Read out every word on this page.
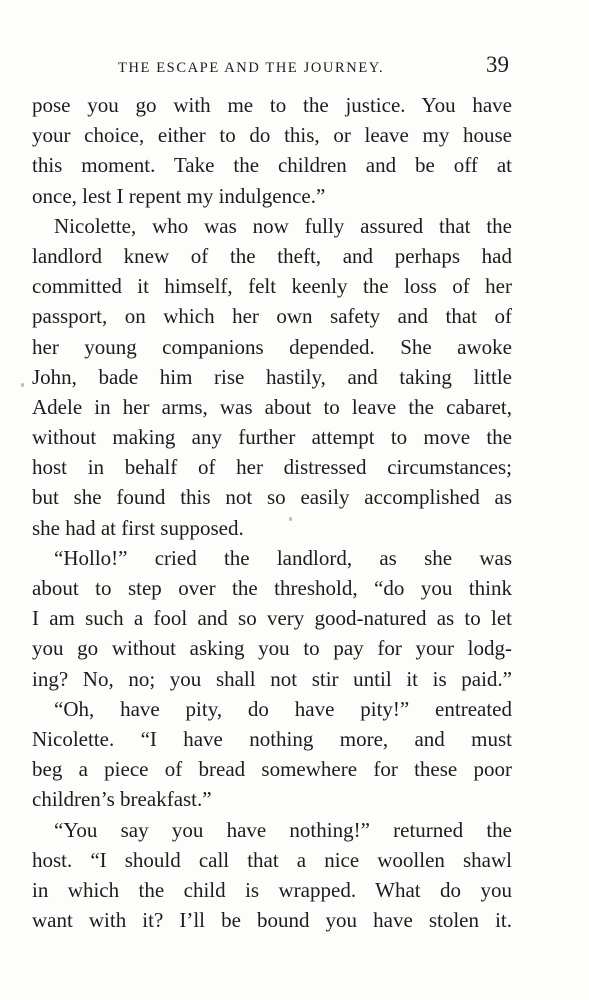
THE ESCAPE AND THE JOURNEY.	39
pose you go with me to the justice. You have
your choice, either to do this, or leave my house
this moment. Take the children and be off at
once, lest I repent my indulgence.”
Nicolette, who was now fully assured that the
landlord knew of the theft, and perhaps had
committed it himself, felt keenly the loss of her
passport, on which her own safety and that of
her young companions depended. She awoke
John, bade him rise hastily, and taking little
Adele in her arms, was about to leave the cabaret,
without making any further attempt to move the
host in behalf of her distressed circumstances;
but she found this not so easily accomplished as
she had at first supposed.
“Hollo!” cried the landlord, as she was
about to step over the threshold, “do you think
I am such a fool and so very good-natured as to let
you go without asking you to pay for your lodg-
ing? No, no; you shall not stir until it is paid.”
“Oh, have pity, do have pity!” entreated
Nicolette. “I have nothing more, and must
beg a piece of bread somewhere for these poor
children’s breakfast.”
“You say you have nothing!” returned the
host. “I should call that a nice woollen shawl
in which the child is wrapped. What do you
want with it? I’ll be bound you have stolen it.
